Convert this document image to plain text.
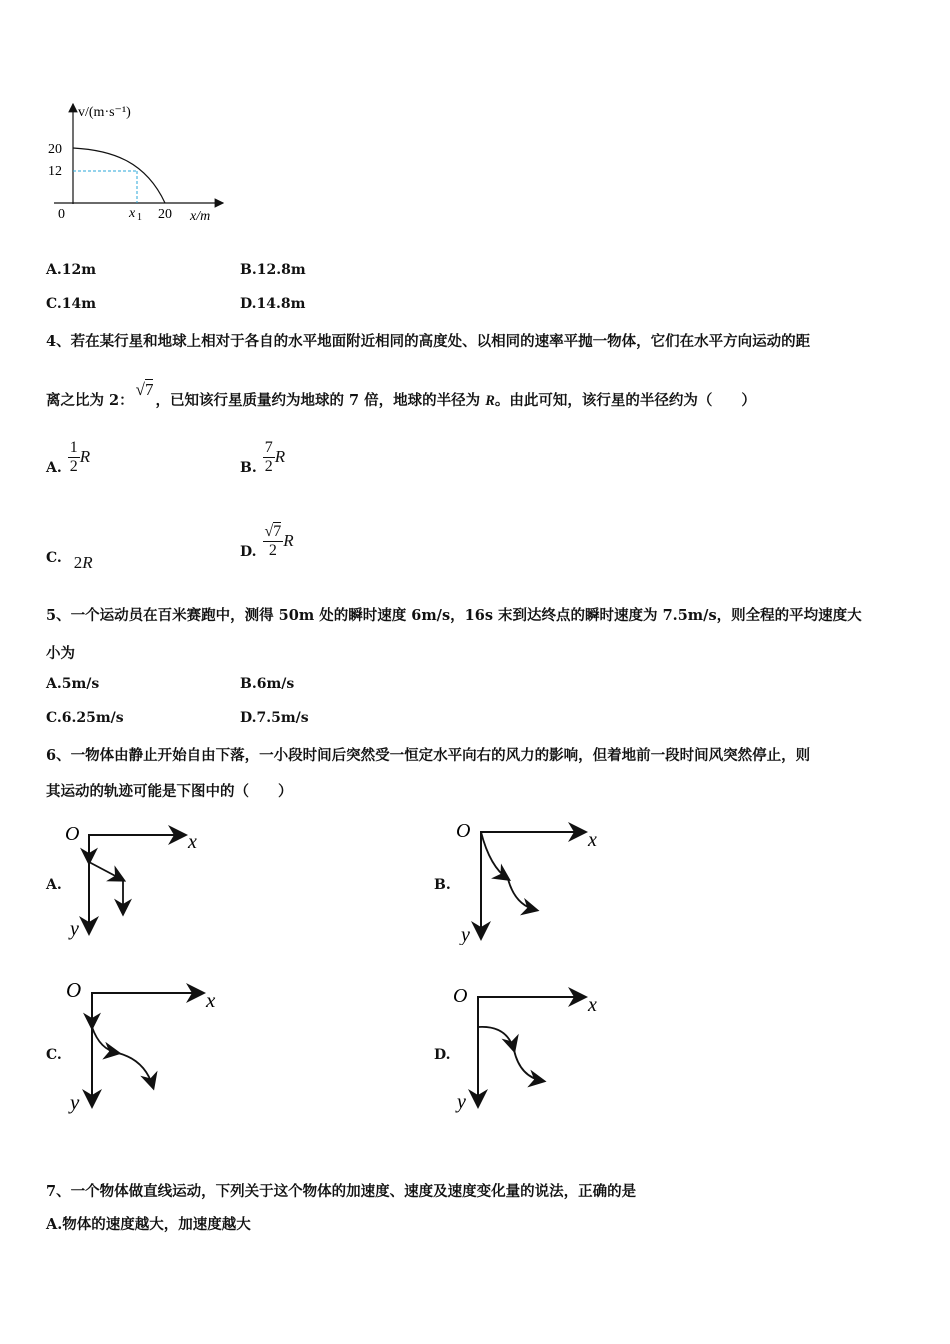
v/(m·s⁻¹)
20
12
0	x 1 20 x/m
A.12m	B.12.8m
C.14m	D.14.8m
4、若在某行星和地球上相对于各自的水平地面附近相同的高度处、以相同的速率平抛一物体，它们在水平方向运动的距
离之比为 2：√7，已知该行星质量约为地球的 7 倍，地球的半径为 R。由此可知，该行星的半径约为（　　）
A. $\frac{1}{2}$ R
B. $\frac{7}{2}$ R
C. 2 R
D. $\frac{√7}{2}$ R
5、一个运动员在百米赛跑中，测得 50m 处的瞬时速度 6m/s，16s 末到达终点的瞬时速度为 7.5m/s，则全程的平均速度大
小为
A.5m/s	B.6m/s
C.6.25m/s	D.7.5m/s
6、一物体由静止开始自由下落，一小段时间后突然受一恒定水平向右的风力的影响，但着地前一段时间风突然停止，则
其运动的轨迹可能是下图中的（　　）
A.	B.
C.	D.
O	x
y
O	x
y
O	x
y
O	x
y
7、一个物体做直线运动，下列关于这个物体的加速度、速度及速度变化量的说法，正确的是
A.物体的速度越大，加速度越大
